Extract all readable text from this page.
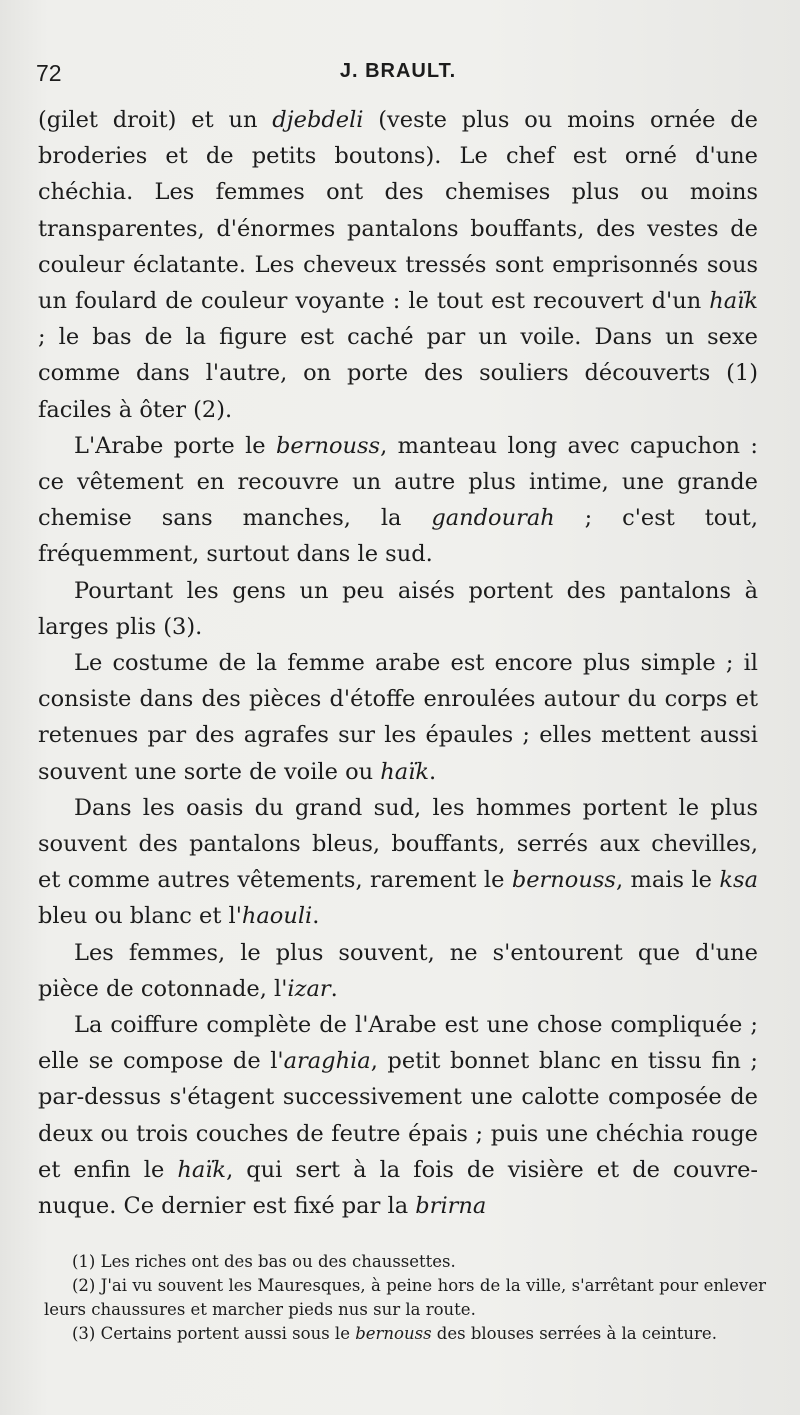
72	J. BRAULT.

(gilet droit) et un djebdeli (veste plus ou moins ornée de broderies et de petits boutons). Le chef est orné d'une chéchia. Les femmes ont des chemises plus ou moins transparentes, d'énormes pantalons bouffants, des vestes de couleur éclatante. Les cheveux tressés sont emprisonnés sous un foulard de couleur voyante : le tout est recouvert d'un haïk ; le bas de la figure est caché par un voile. Dans un sexe comme dans l'autre, on porte des souliers découverts (1) faciles à ôter (2).

L'Arabe porte le bernouss, manteau long avec capuchon : ce vêtement en recouvre un autre plus intime, une grande chemise sans manches, la gandourah ; c'est tout, fréquemment, surtout dans le sud.

Pourtant les gens un peu aisés portent des pantalons à larges plis (3).

Le costume de la femme arabe est encore plus simple ; il consiste dans des pièces d'étoffe enroulées autour du corps et retenues par des agrafes sur les épaules ; elles mettent aussi souvent une sorte de voile ou haïk.

Dans les oasis du grand sud, les hommes portent le plus souvent des pantalons bleus, bouffants, serrés aux chevilles, et comme autres vêtements, rarement le bernouss, mais le ksa bleu ou blanc et l'haouli.

Les femmes, le plus souvent, ne s'entourent que d'une pièce de cotonnade, l'izar.

La coiffure complète de l'Arabe est une chose compliquée ; elle se compose de l'araghia, petit bonnet blanc en tissu fin ; par-dessus s'étagent successivement une calotte composée de deux ou trois couches de feutre épais ; puis une chéchia rouge et enfin le haïk, qui sert à la fois de visière et de couvre-nuque. Ce dernier est fixé par la brirna

(1) Les riches ont des bas ou des chaussettes.

(2) J'ai vu souvent les Mauresques, à peine hors de la ville, s'arrêtant pour enlever leurs chaussures et marcher pieds nus sur la route.

(3) Certains portent aussi sous le bernouss des blouses serrées à la ceinture.
